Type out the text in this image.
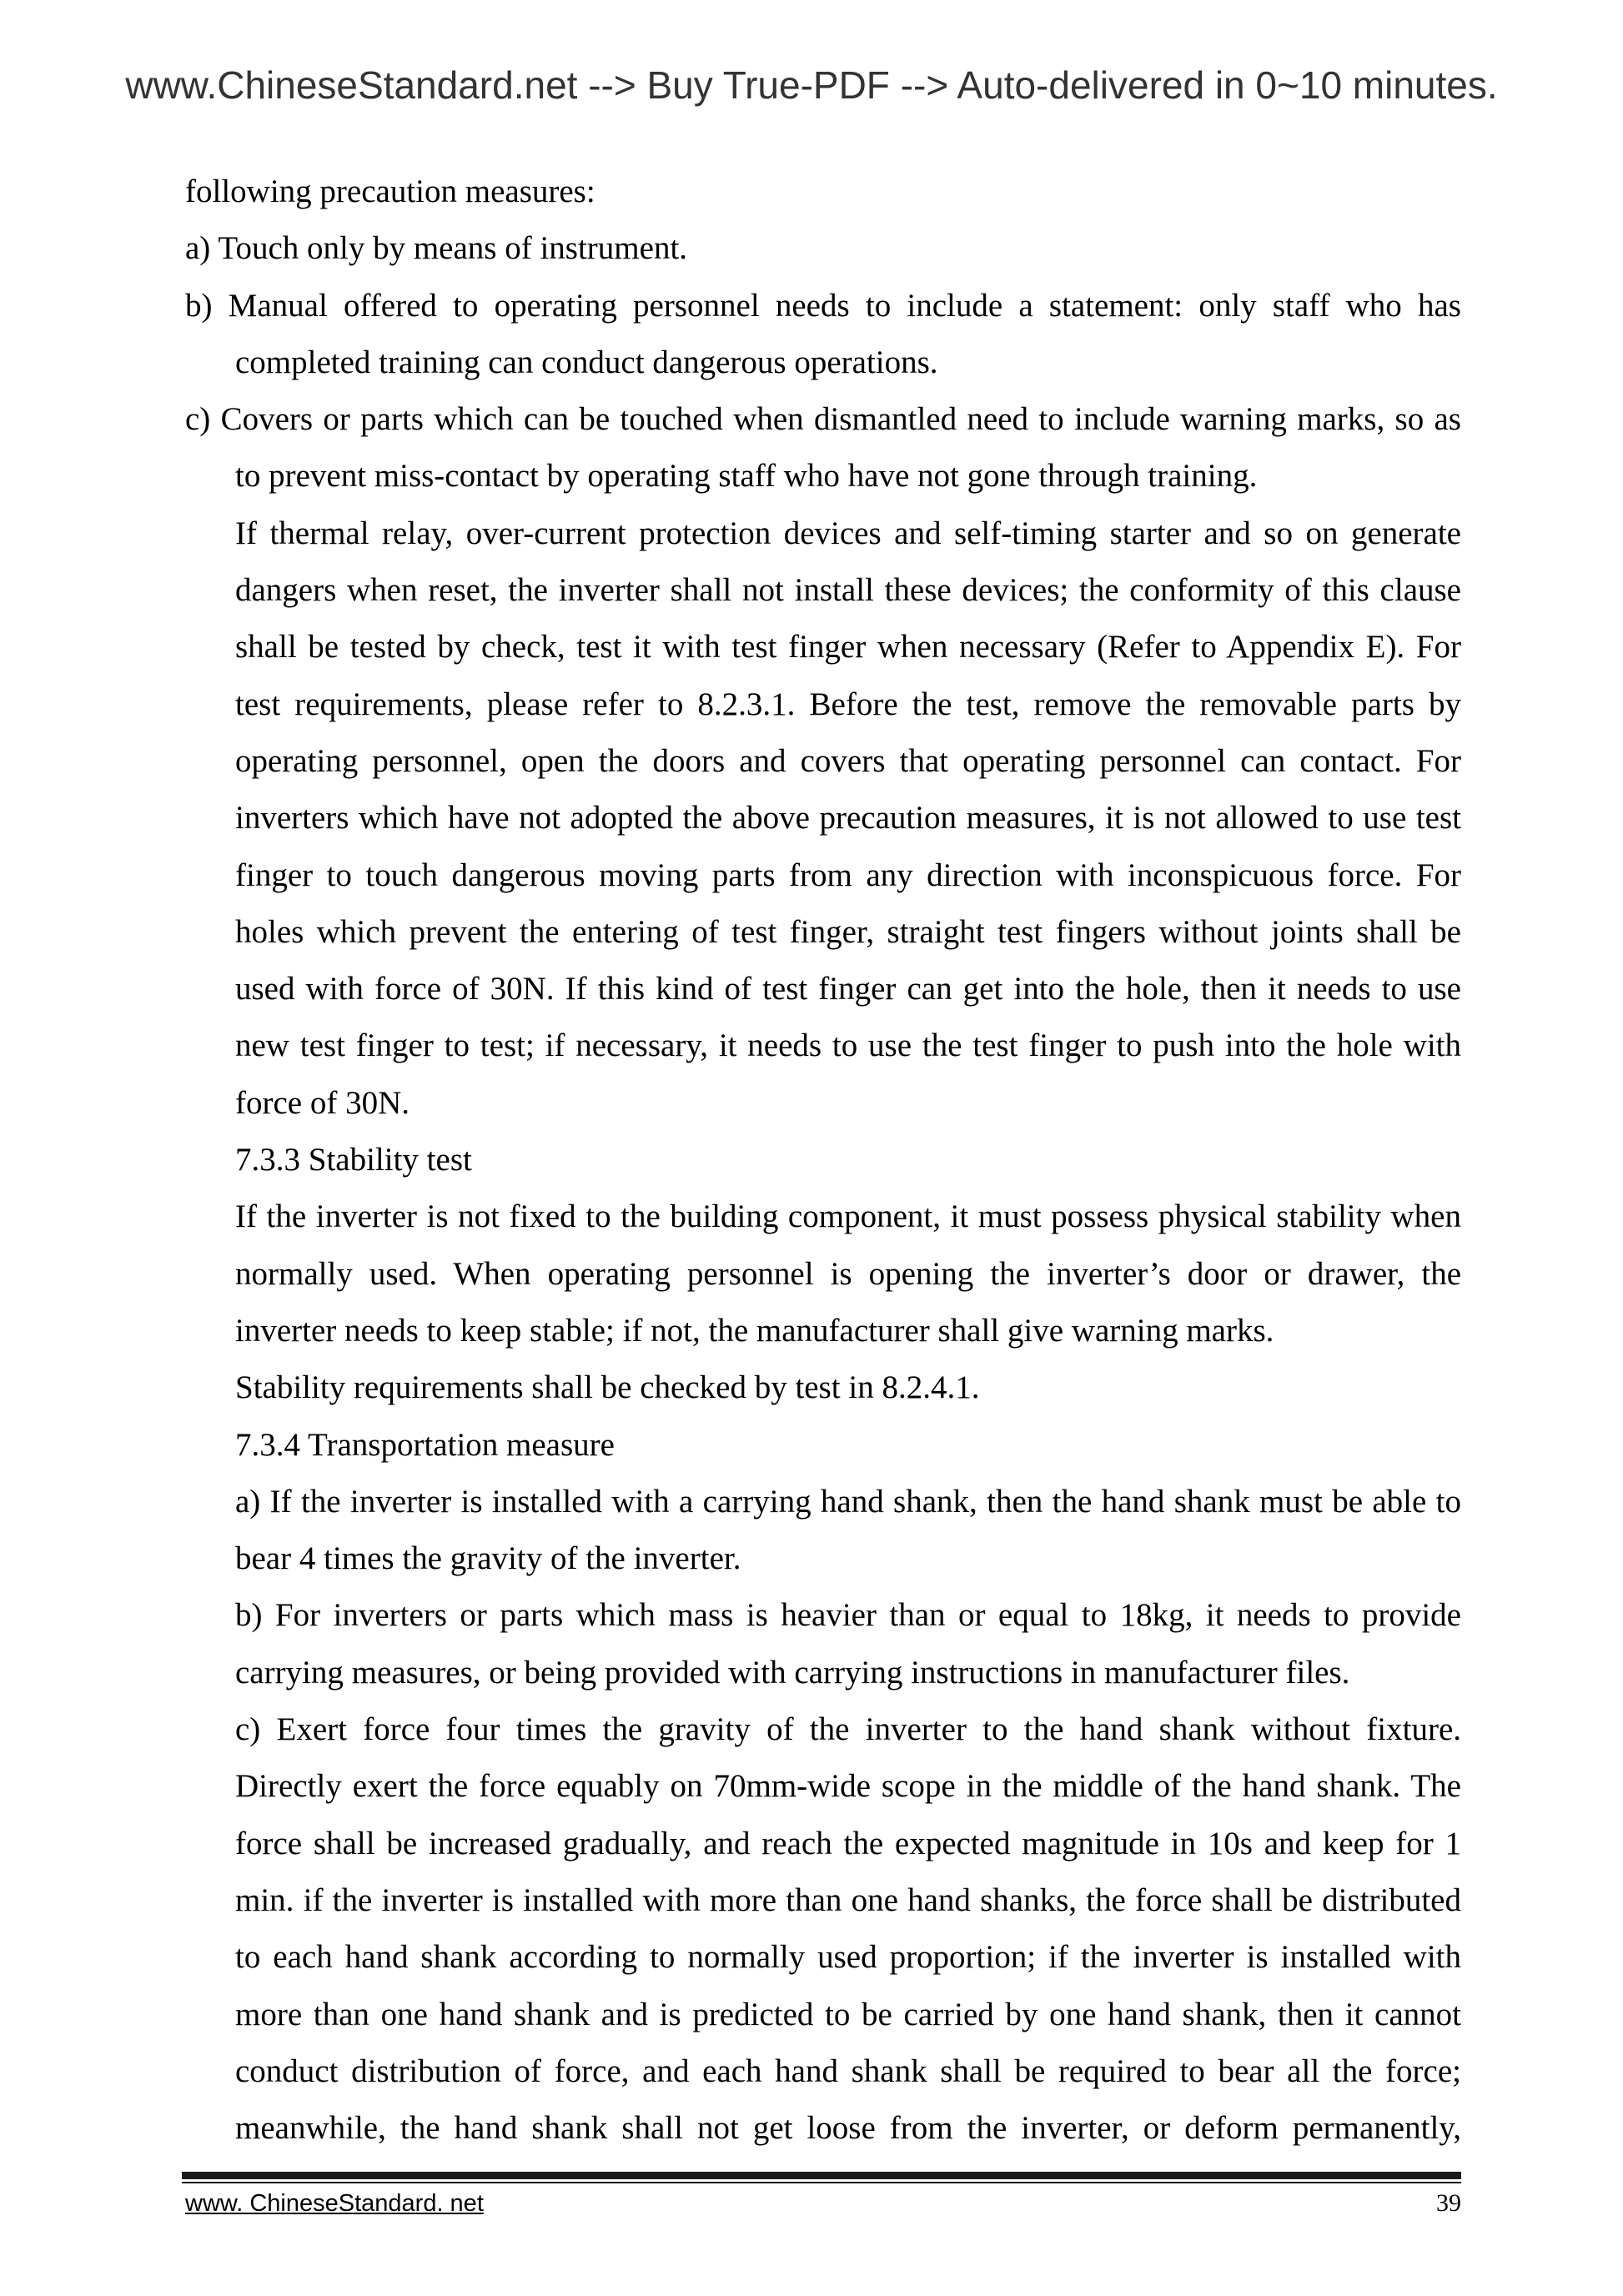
www.ChineseStandard.net --> Buy True-PDF --> Auto-delivered in 0~10 minutes.
following precaution measures:
a) Touch only by means of instrument.
b) Manual offered to operating personnel needs to include a statement: only staff who has
completed training can conduct dangerous operations.
c) Covers or parts which can be touched when dismantled need to include warning marks, so as
to prevent miss-contact by operating staff who have not gone through training.
If thermal relay, over-current protection devices and self-timing starter and so on generate
dangers when reset, the inverter shall not install these devices; the conformity of this clause
shall be tested by check, test it with test finger when necessary (Refer to Appendix E). For
test requirements, please refer to 8.2.3.1. Before the test, remove the removable parts by
operating personnel, open the doors and covers that operating personnel can contact. For
inverters which have not adopted the above precaution measures, it is not allowed to use test
finger to touch dangerous moving parts from any direction with inconspicuous force. For
holes which prevent the entering of test finger, straight test fingers without joints shall be
used with force of 30N. If this kind of test finger can get into the hole, then it needs to use
new test finger to test; if necessary, it needs to use the test finger to push into the hole with
force of 30N.
7.3.3 Stability test
If the inverter is not fixed to the building component, it must possess physical stability when
normally used. When operating personnel is opening the inverter’s door or drawer, the
inverter needs to keep stable; if not, the manufacturer shall give warning marks.
Stability requirements shall be checked by test in 8.2.4.1.
7.3.4 Transportation measure
a) If the inverter is installed with a carrying hand shank, then the hand shank must be able to
bear 4 times the gravity of the inverter.
b) For inverters or parts which mass is heavier than or equal to 18kg, it needs to provide
carrying measures, or being provided with carrying instructions in manufacturer files.
c) Exert force four times the gravity of the inverter to the hand shank without fixture.
Directly exert the force equably on 70mm-wide scope in the middle of the hand shank. The
force shall be increased gradually, and reach the expected magnitude in 10s and keep for 1
min. if the inverter is installed with more than one hand shanks, the force shall be distributed
to each hand shank according to normally used proportion; if the inverter is installed with
more than one hand shank and is predicted to be carried by one hand shank, then it cannot
conduct distribution of force, and each hand shank shall be required to bear all the force;
meanwhile, the hand shank shall not get loose from the inverter, or deform permanently,
www. ChineseStandard. net	39
